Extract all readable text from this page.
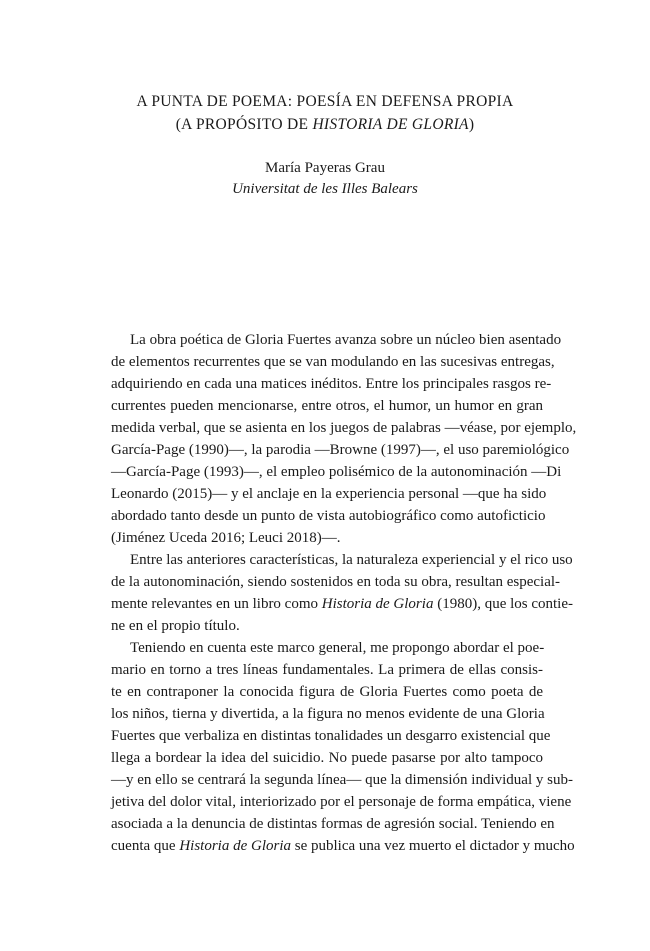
A PUNTA DE POEMA: POESÍA EN DEFENSA PROPIA
(A PROPÓSITO DE HISTORIA DE GLORIA)
María Payeras Grau
Universitat de les Illes Balears
La obra poética de Gloria Fuertes avanza sobre un núcleo bien asentado
de elementos recurrentes que se van modulando en las sucesivas entregas,
adquiriendo en cada una matices inéditos. Entre los principales rasgos re-
currentes pueden mencionarse, entre otros, el humor, un humor en gran
medida verbal, que se asienta en los juegos de palabras —véase, por ejemplo,
García-Page (1990)—, la parodia —Browne (1997)—, el uso paremiológico
—García-Page (1993)—, el empleo polisémico de la autonominación —Di
Leonardo (2015)— y el anclaje en la experiencia personal —que ha sido
abordado tanto desde un punto de vista autobiográfico como autoficticio
(Jiménez Uceda 2016; Leuci 2018)—.
Entre las anteriores características, la naturaleza experiencial y el rico uso
de la autonominación, siendo sostenidos en toda su obra, resultan especial-
mente relevantes en un libro como Historia de Gloria (1980), que los contie-
ne en el propio título.
Teniendo en cuenta este marco general, me propongo abordar el poe-
mario en torno a tres líneas fundamentales. La primera de ellas consis-
te en contraponer la conocida figura de Gloria Fuertes como poeta de
los niños, tierna y divertida, a la figura no menos evidente de una Gloria
Fuertes que verbaliza en distintas tonalidades un desgarro existencial que
llega a bordear la idea del suicidio. No puede pasarse por alto tampoco
—y en ello se centrará la segunda línea— que la dimensión individual y sub-
jetiva del dolor vital, interiorizado por el personaje de forma empática, viene
asociada a la denuncia de distintas formas de agresión social. Teniendo en
cuenta que Historia de Gloria se publica una vez muerto el dictador y mucho
